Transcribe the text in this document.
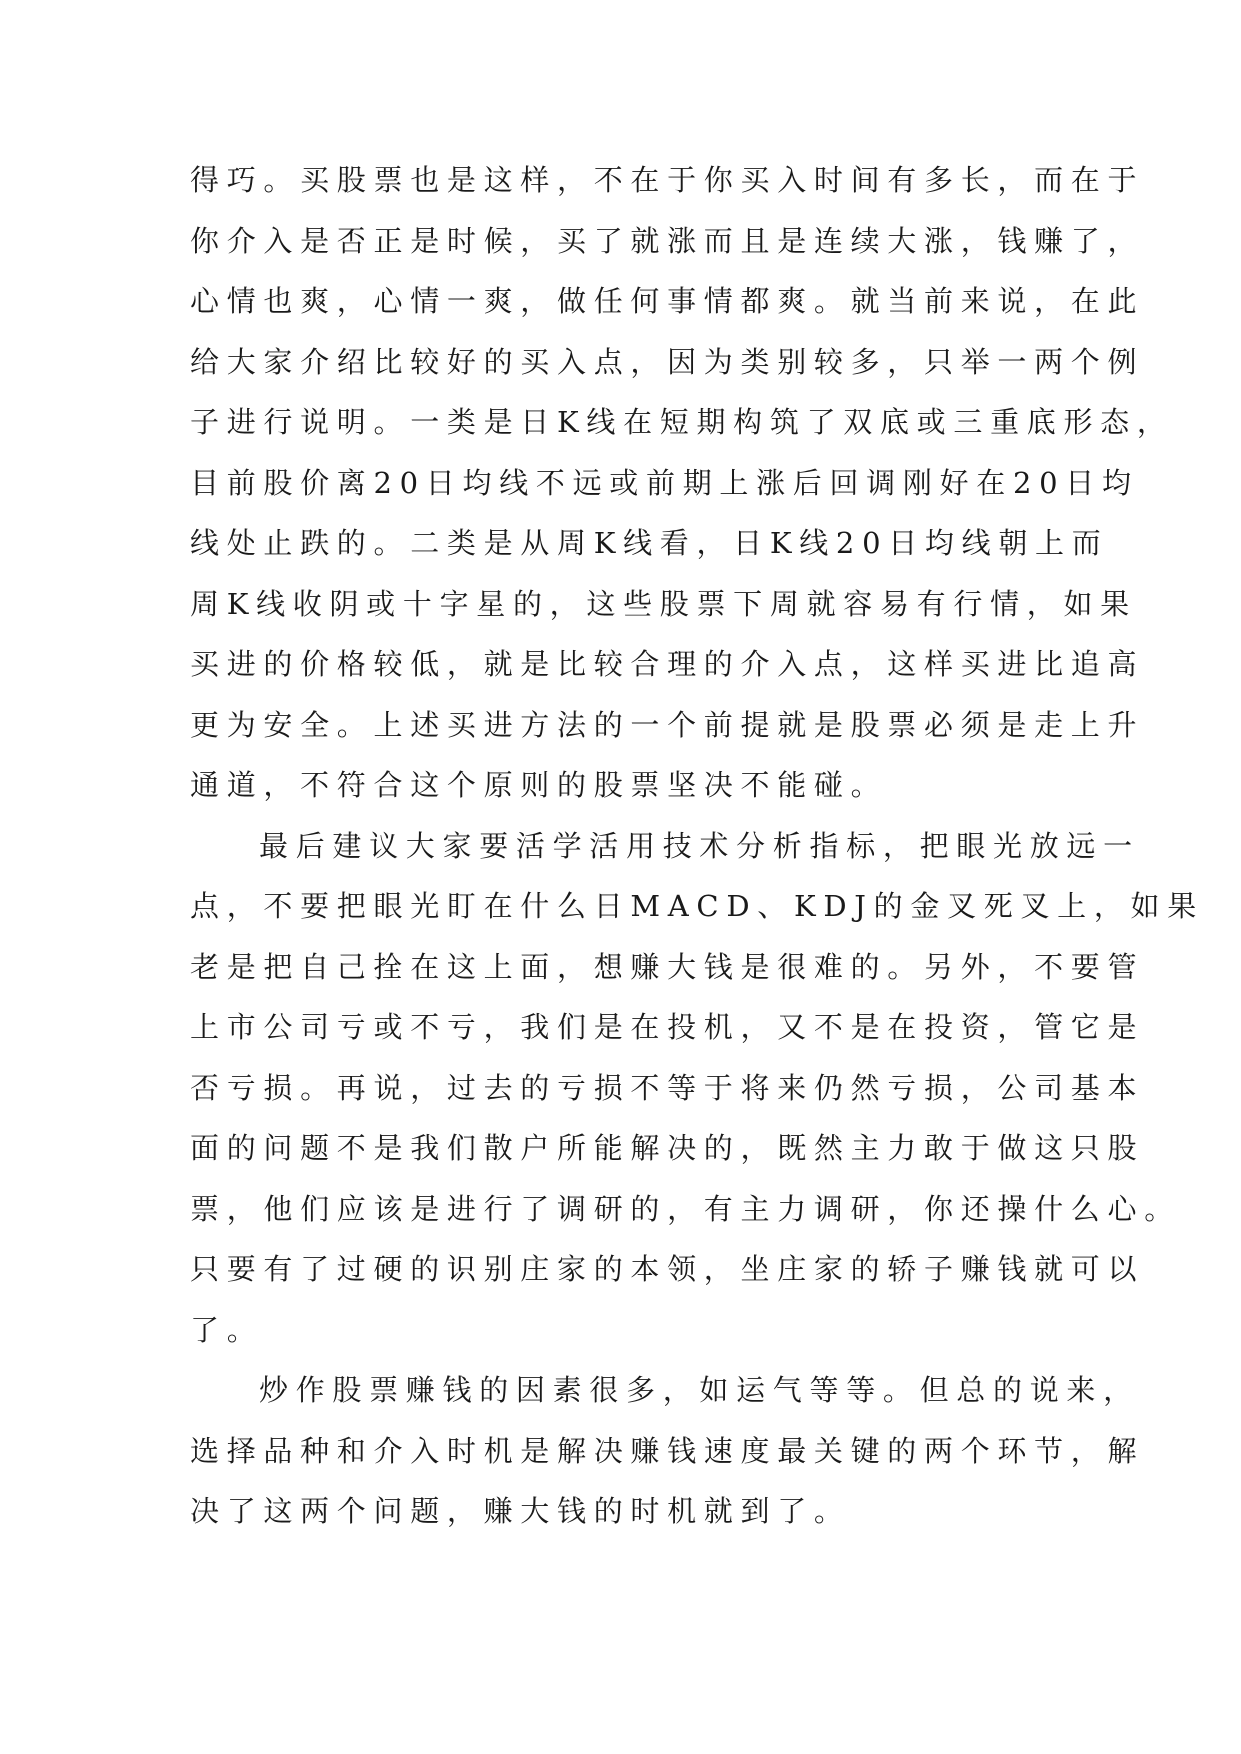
得巧。买股票也是这样，不在于你买入时间有多长，而在于
你介入是否正是时候，买了就涨而且是连续大涨，钱赚了，
心情也爽，心情一爽，做任何事情都爽。就当前来说，在此
给大家介绍比较好的买入点，因为类别较多，只举一两个例
子进行说明。一类是日K线在短期构筑了双底或三重底形态，
目前股价离20日均线不远或前期上涨后回调刚好在20日均
线处止跌的。二类是从周K线看，日K线20日均线朝上而
周K线收阴或十字星的，这些股票下周就容易有行情，如果
买进的价格较低，就是比较合理的介入点，这样买进比追高
更为安全。上述买进方法的一个前提就是股票必须是走上升
通道，不符合这个原则的股票坚决不能碰。
最后建议大家要活学活用技术分析指标，把眼光放远一
点，不要把眼光盯在什么日MACD、KDJ的金叉死叉上，如果
老是把自己拴在这上面，想赚大钱是很难的。另外，不要管
上市公司亏或不亏，我们是在投机，又不是在投资，管它是
否亏损。再说，过去的亏损不等于将来仍然亏损，公司基本
面的问题不是我们散户所能解决的，既然主力敢于做这只股
票，他们应该是进行了调研的，有主力调研，你还操什么心。
只要有了过硬的识别庄家的本领，坐庄家的轿子赚钱就可以
了。
炒作股票赚钱的因素很多，如运气等等。但总的说来，
选择品种和介入时机是解决赚钱速度最关键的两个环节，解
决了这两个问题，赚大钱的时机就到了。
